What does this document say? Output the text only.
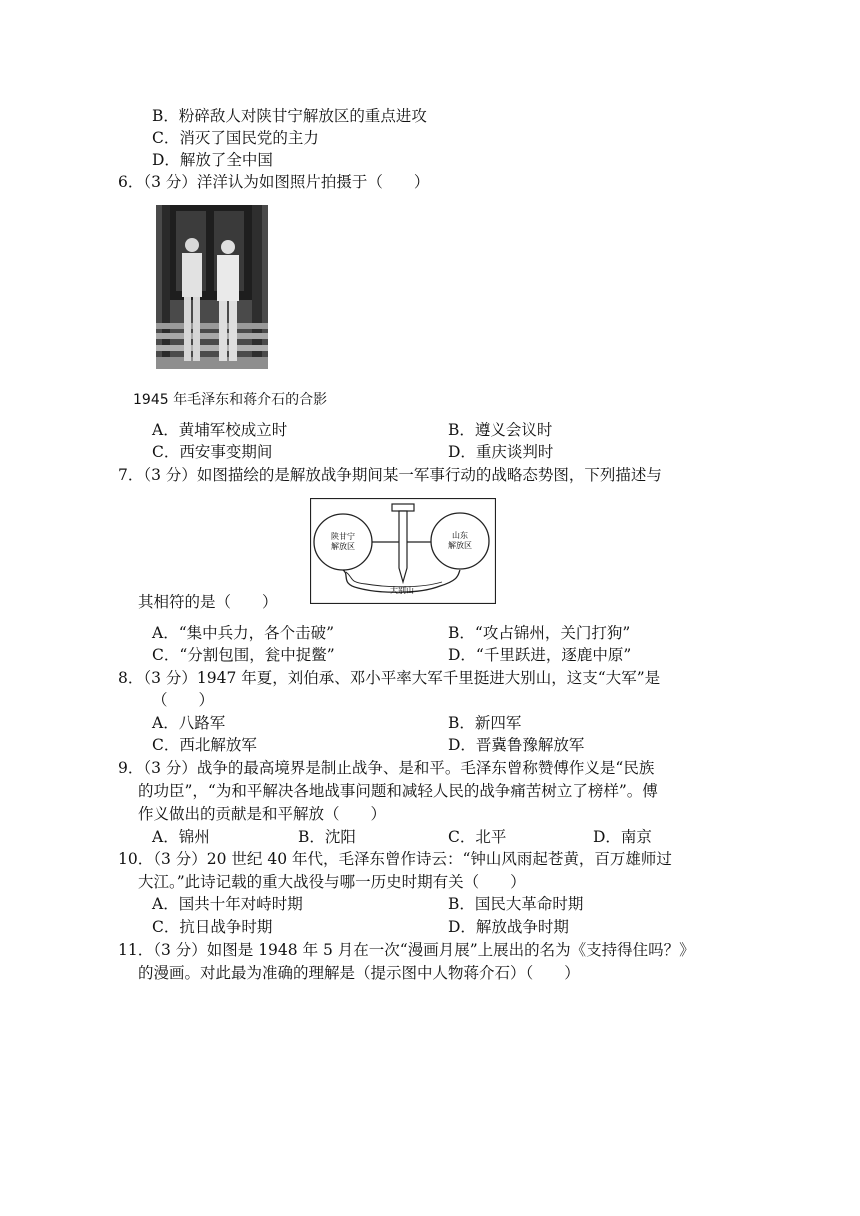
B．粉碎敌人对陕甘宁解放区的重点进攻
C．消灭了国民党的主力
D．解放了全中国
6．（3 分）洋洋认为如图照片拍摄于（　　）
1945 年毛泽东和蒋介石的合影
A．黄埔军校成立时	B．遵义会议时
C．西安事变期间	D．重庆谈判时
7．（3 分）如图描绘的是解放战争期间某一军事行动的战略态势图，下列描述与
陕甘宁
解放区
山东
解放区
大别山
其相符的是（　　）
A．“集中兵力，各个击破”	B．“攻占锦州，关门打狗”
C．“分割包围，瓮中捉鳖”	D．“千里跃进，逐鹿中原”
8．（3 分）1947 年夏，刘伯承、邓小平率大军千里挺进大别山，这支“大军”是
（　　）
A．八路军	B．新四军
C．西北解放军	D．晋冀鲁豫解放军
9．（3 分）战争的最高境界是制止战争、是和平。毛泽东曾称赞傅作义是“民族
的功臣”，“为和平解决各地战事问题和减轻人民的战争痛苦树立了榜样”。傅
作义做出的贡献是和平解放（　　）
A．锦州	B．沈阳	C．北平	D．南京
10．（3 分）20 世纪 40 年代，毛泽东曾作诗云：“钟山风雨起苍黄，百万雄师过
大江。”此诗记载的重大战役与哪一历史时期有关（　　）
A．国共十年对峙时期	B．国民大革命时期
C．抗日战争时期	D．解放战争时期
11．（3 分）如图是 1948 年 5 月在一次“漫画月展”上展出的名为《支持得住吗？》
的漫画。对此最为准确的理解是（提示图中人物蒋介石）（　　）
